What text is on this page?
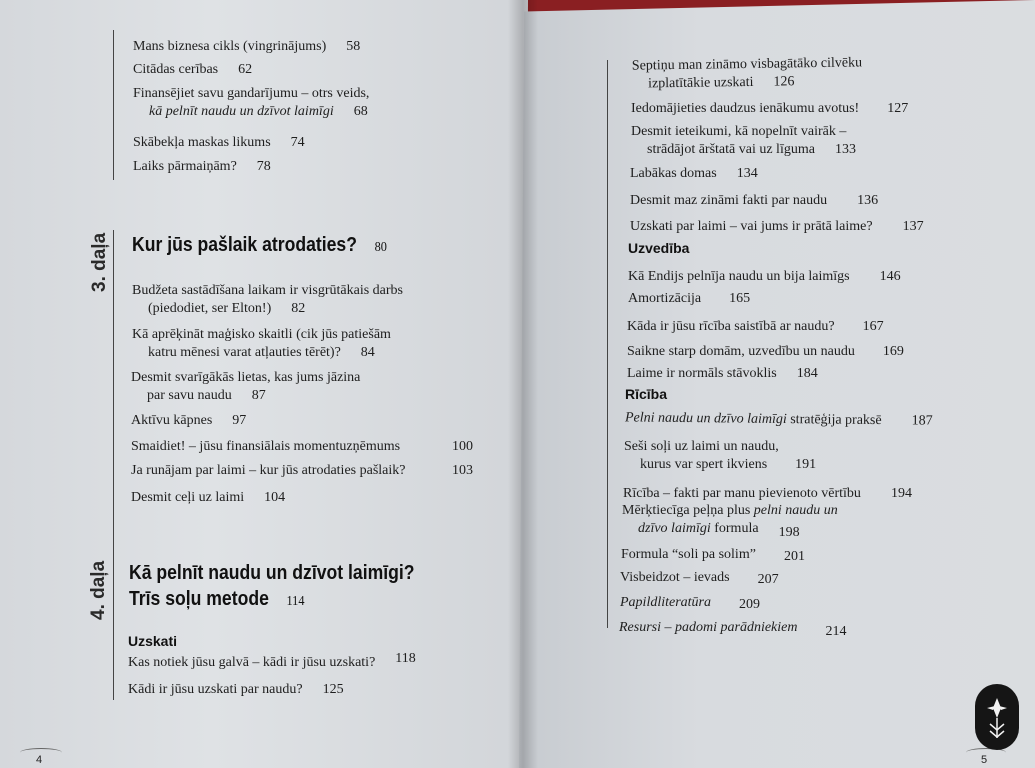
Mans biznesa cikls (vingrinājums) 58
Citādas cerības 62
Finansējiet savu gandarījumu – otrs veids,
kā pelnīt naudu un dzīvot laimīgi 68
Skābekļa maskas likums 74
Laiks pārmaiņām? 78
3. daļa Kur jūs pašlaik atrodaties? 80
Budžeta sastādīšana laikam ir visgrūtākais darbs
(piedodiet, ser Elton!) 82
Kā aprēķināt maģisko skaitli (cik jūs patiešām
katru mēnesi varat atļauties tērēt)? 84
Desmit svarīgākās lietas, kas jums jāzina
par savu naudu 87
Aktīvu kāpnes 97
Smaidiet! – jūsu finansiālais momentuzņēmums	100
Ja runājam par laimi – kur jūs atrodaties pašlaik?	103
Desmit ceļi uz laimi 104
4. daļa Kā pelnīt naudu un dzīvot laimīgi?
Trīs soļu metode 114
Uzskati
Kas notiek jūsu galvā – kādi ir jūsu uzskati? 118
Kādi ir jūsu uzskati par naudu? 125
4
Septiņu man zināmo visbagātāko cilvēku
izplatītākie uzskati 126
Iedomājieties daudzus ienākumu avotus! 127
Desmit ieteikumi, kā nopelnīt vairāk –
strādājot ārštatā vai uz līguma 133
Labākas domas 134
Desmit maz zināmi fakti par naudu 136
Uzskati par laimi – vai jums ir prātā laime? 137
Uzvedība
Kā Endijs pelnīja naudu un bija laimīgs 146
Amortizācija 165
Kāda ir jūsu rīcība saistībā ar naudu? 167
Saikne starp domām, uzvedību un naudu 169
Laime ir normāls stāvoklis 184
Rīcība
Pelni naudu un dzīvo laimīgi stratēģija praksē 187
Seši soļi uz laimi un naudu,
kurus var spert ikviens 191
Rīcība – fakti par manu pievienoto vērtību 194
Mērķtiecīga peļņa plus pelni naudu un
dzīvo laimīgi formula 198
Formula “soli pa solim” 201
Visbeidzot – ievads 207
Papildliteratūra 209
Resursi – padomi parādniekiem 214
5
